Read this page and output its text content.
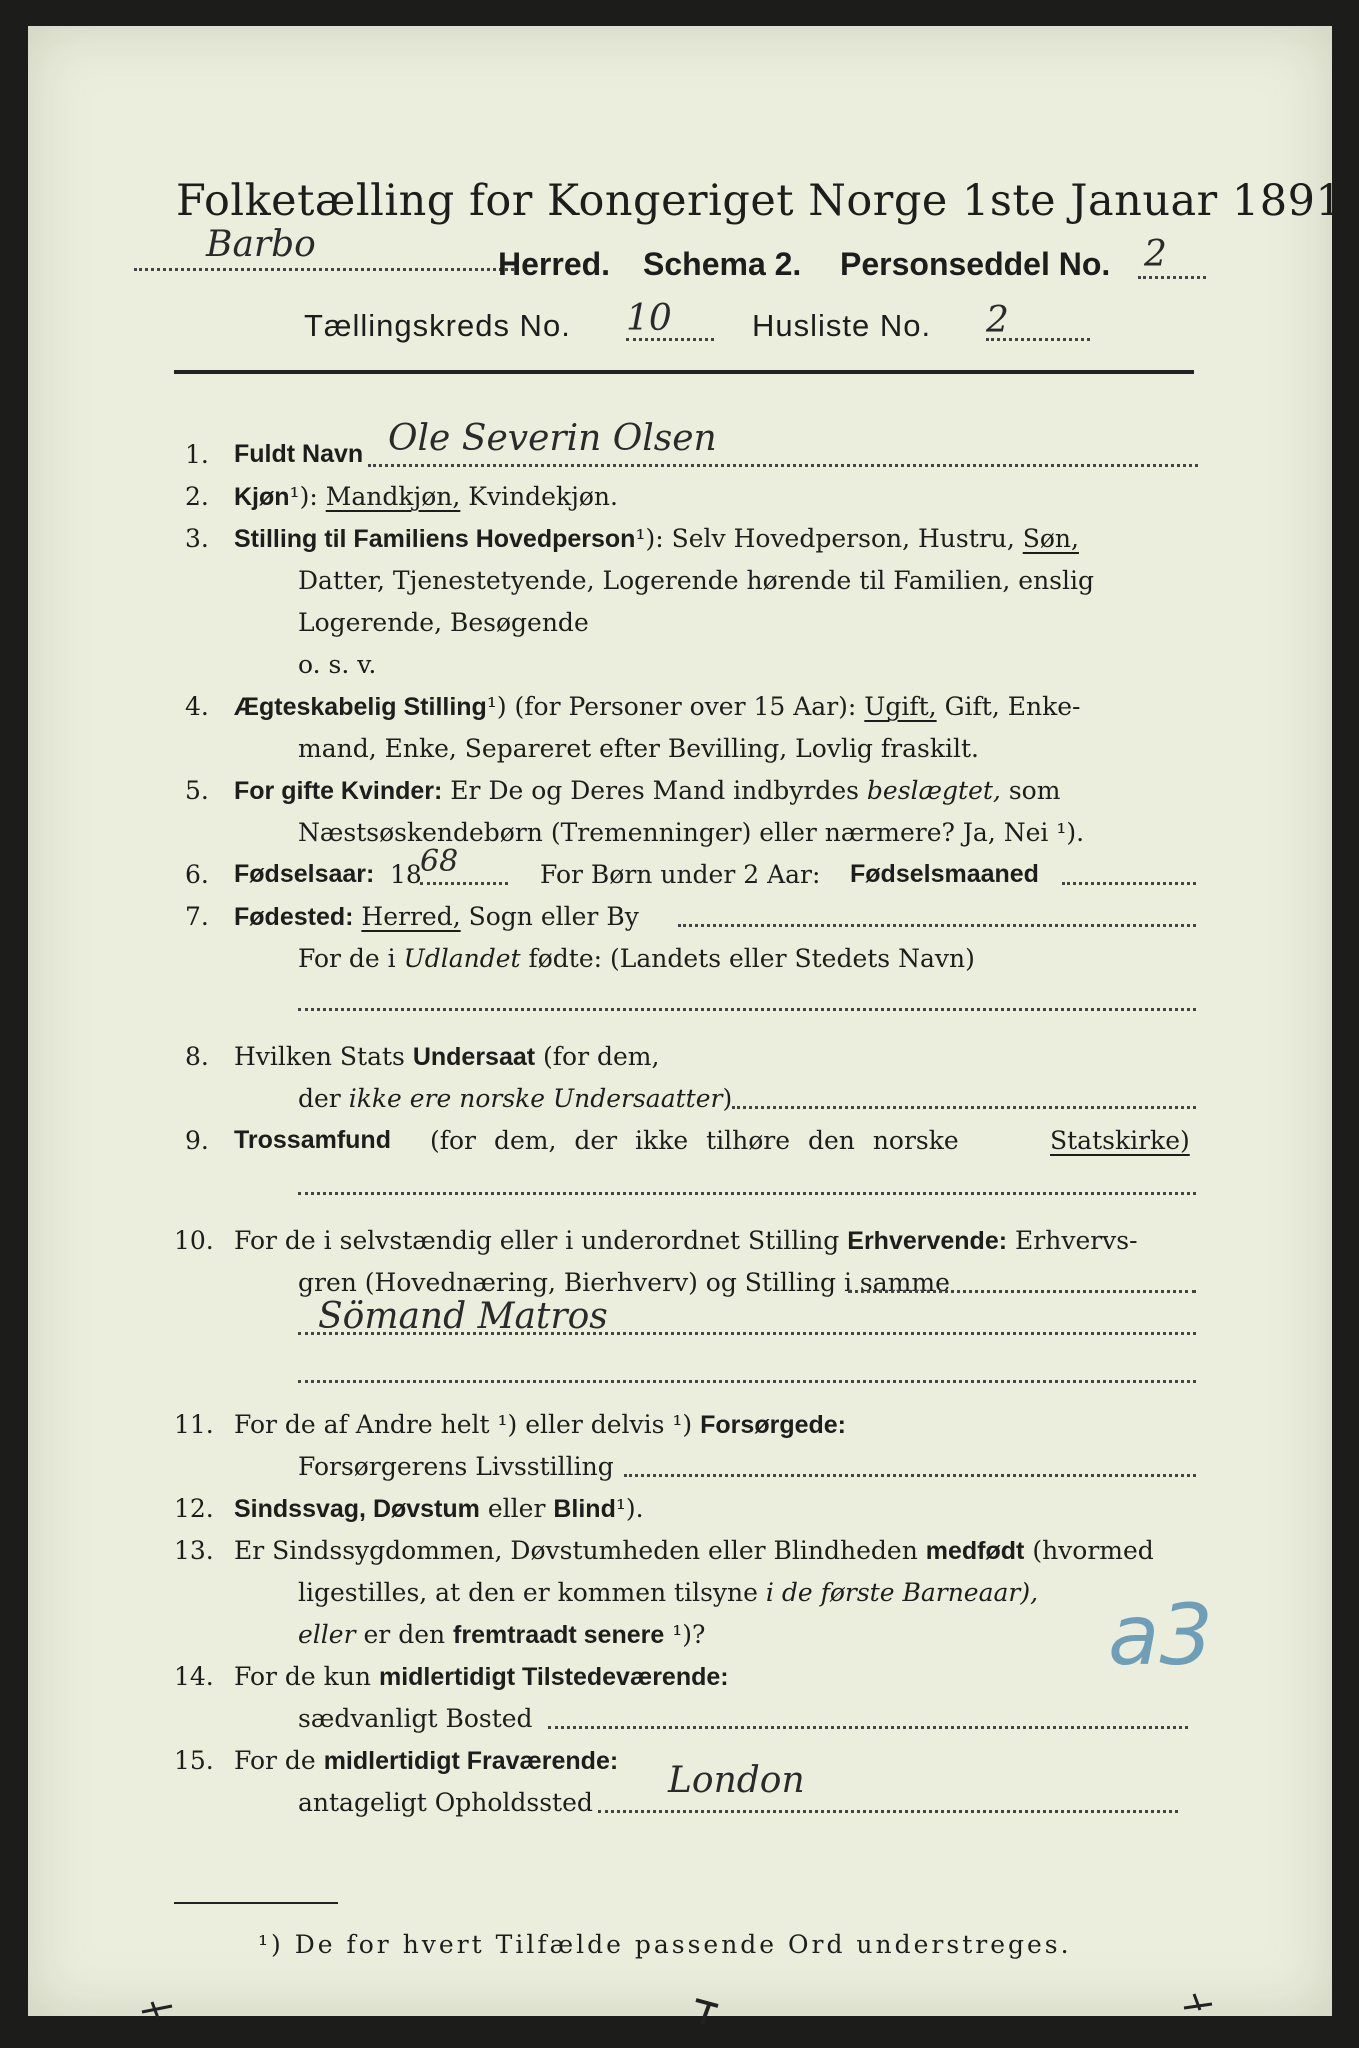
Folketælling for Kongeriget Norge 1ste Januar 1891.
Barbo	Herred. Schema 2. Personseddel No. 2
Tællingskreds No. 10	Husliste No. 2
1. Fuldt Navn Ole Severin Olsen
2. Kjøn¹): Mandkjøn, Kvindekjøn.
3. Stilling til Familiens Hovedperson¹): Selv Hovedperson, Hustru, Søn,
Datter, Tjenestetyende, Logerende hørende til Familien, enslig
Logerende, Besøgende
o. s. v.
4. Ægteskabelig Stilling¹) (for Personer over 15 Aar): Ugift, Gift, Enke-
mand, Enke, Separeret efter Bevilling, Lovlig fraskilt.
5. For gifte Kvinder: Er De og Deres Mand indbyrdes beslægtet, som
Næstsøskendebørn (Tremenninger) eller nærmere? Ja, Nei ¹).
6. Fødselsaar: 18
68	For Børn under 2 Aar: Fødselsmaaned
7. Fødested: Herred, Sogn eller By
For de i Udlandet fødte: (Landets eller Stedets Navn)
8. Hvilken Stats Undersaat (for dem,
der ikke ere norske Undersaatter)
9. Trossamfund (for dem, der ikke tilhøre den norske	Statskirke)
10. For de i selvstændig eller i underordnet Stilling Erhvervende: Erhvervs-
gren (Hovednæring, Bierhverv) og Stilling i samme
Sömand Matros
11. For de af Andre helt ¹) eller delvis ¹) Forsørgede:
Forsørgerens Livsstilling
12. Sindssvag, Døvstum eller Blind¹).
13. Er Sindssygdommen, Døvstumheden eller Blindheden medfødt (hvormed
ligestilles, at den er kommen tilsyne i de første Barneaar),
eller er den fremtraadt senere ¹)?	a3
14. For de kun midlertidigt Tilstedeværende:
sædvanligt Bosted
15. For de midlertidigt Fraværende:
antageligt Opholdssted
London
¹) De for hvert Tilfælde passende Ord understreges.
